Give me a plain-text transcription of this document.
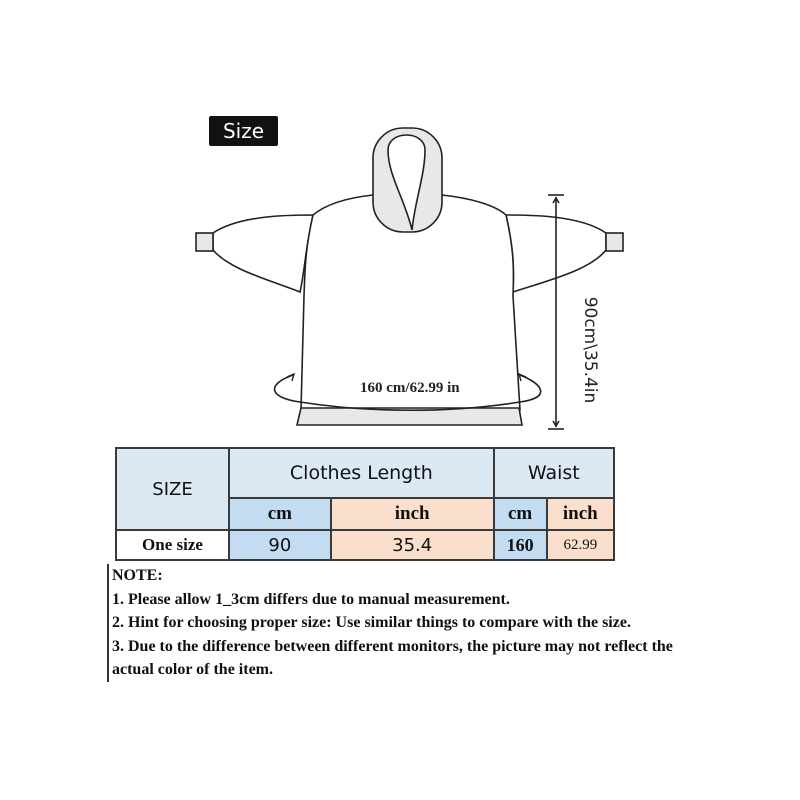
Size
160 cm/62.99 in	90cm\35.4in
SIZE	Clothes Length		Waist	
	cm	inch	cm	inch
One size	90	35.4	160	62.99
NOTE:
1. Please allow 1_3cm differs due to manual measurement.
2. Hint for choosing proper size: Use similar things to compare with the size.
3. Due to the difference between different monitors, the picture may not reflect the actual color of the item.
